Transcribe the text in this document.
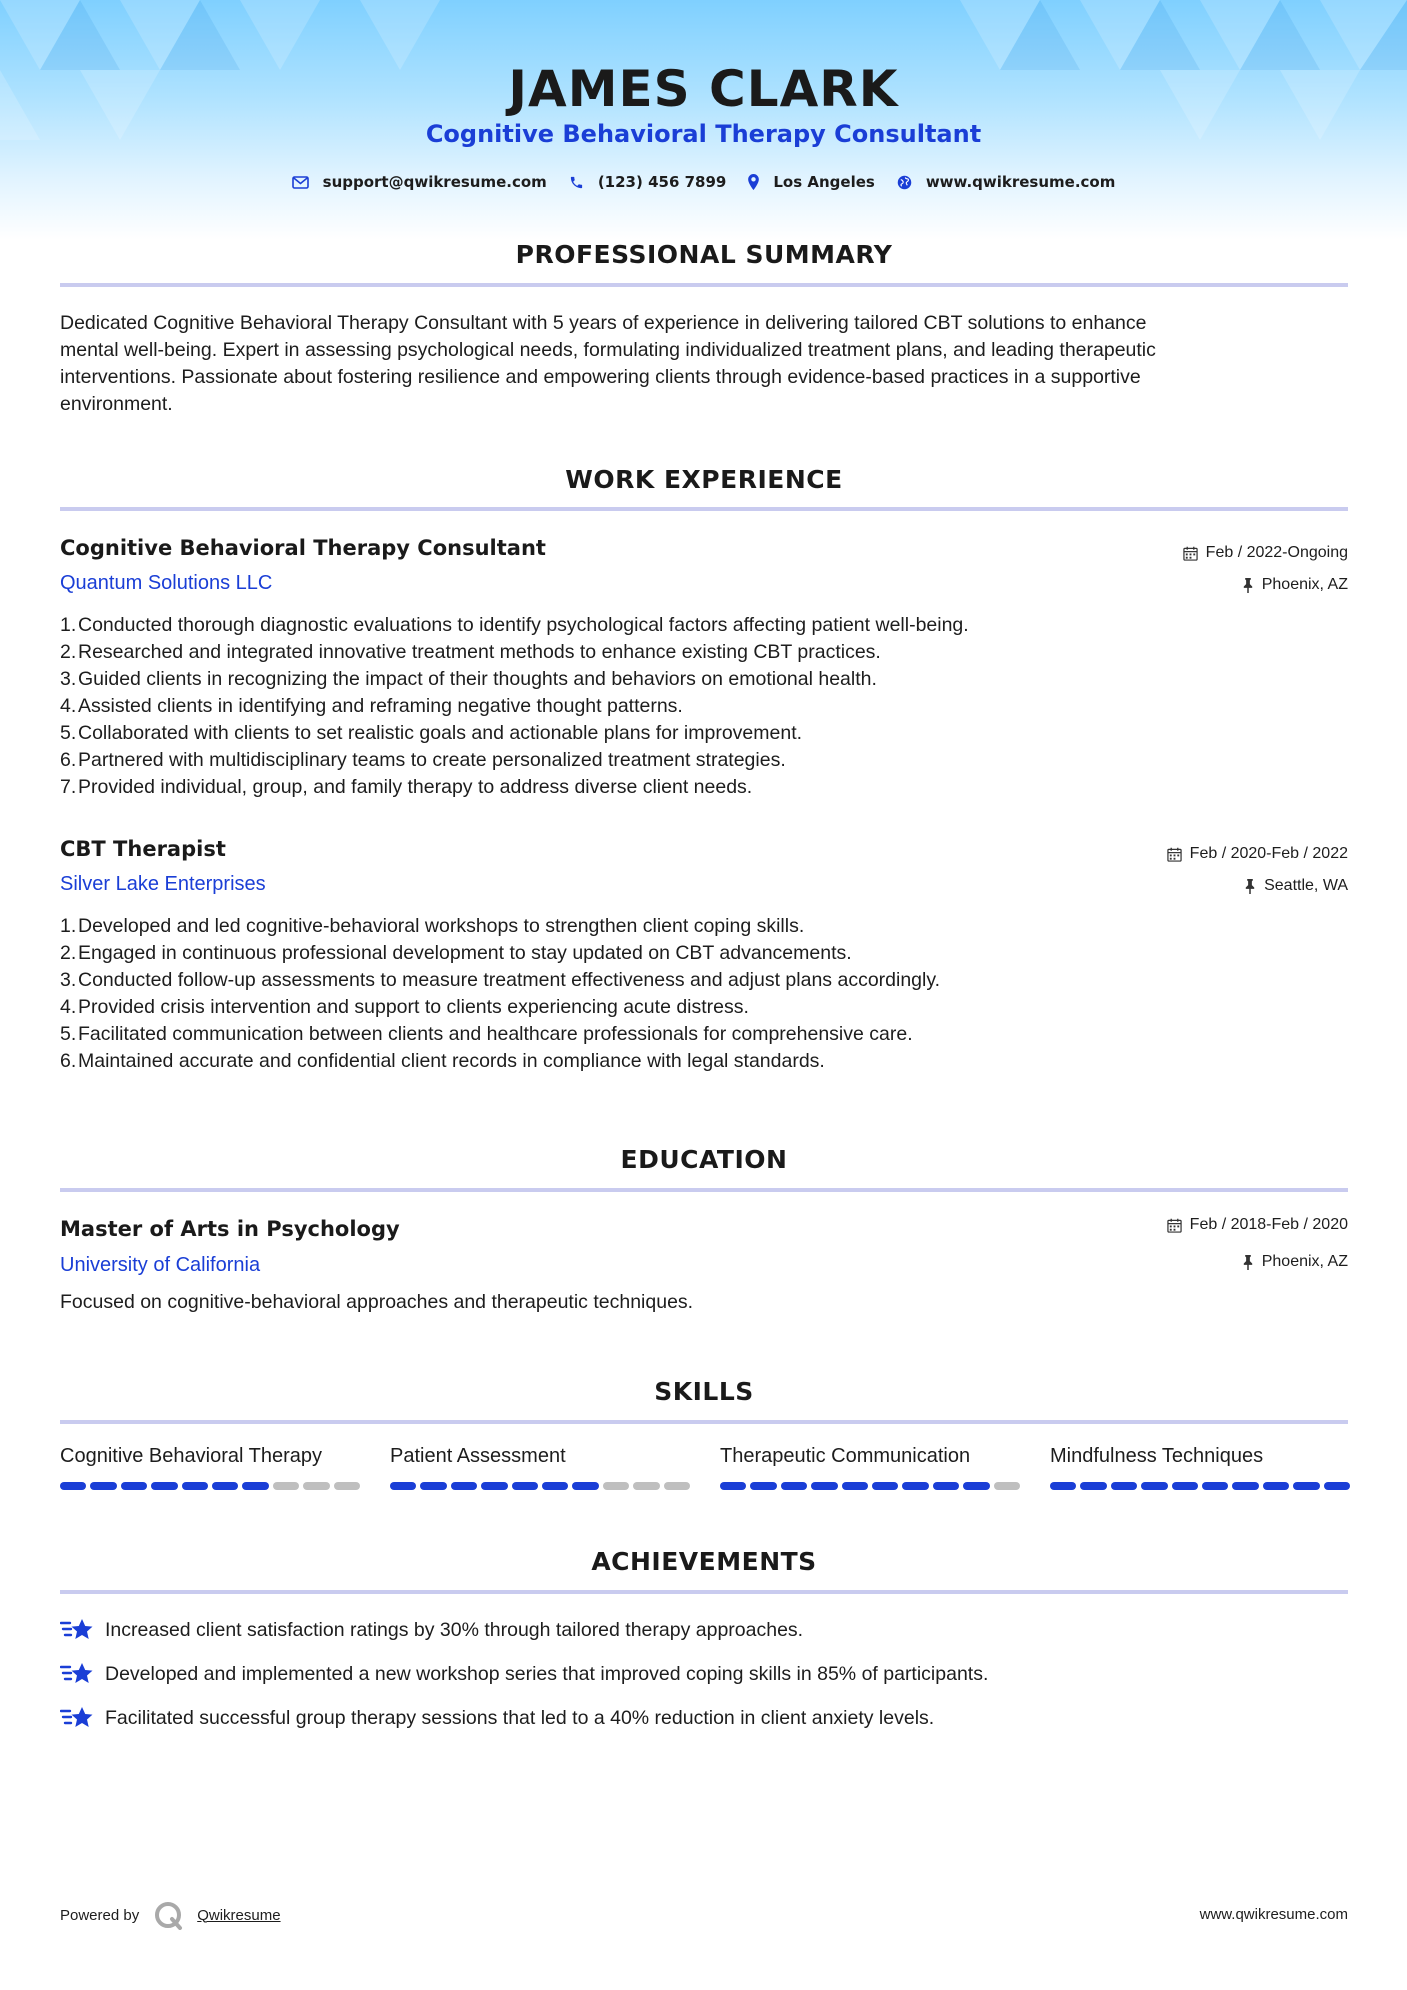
JAMES CLARK
Cognitive Behavioral Therapy Consultant
support@qwikresume.com	(123) 456 7899	Los Angeles	www.qwikresume.com
PROFESSIONAL SUMMARY
Dedicated Cognitive Behavioral Therapy Consultant with 5 years of experience in delivering tailored CBT solutions to enhance
mental well-being. Expert in assessing psychological needs, formulating individualized treatment plans, and leading therapeutic
interventions. Passionate about fostering resilience and empowering clients through evidence-based practices in a supportive
environment.
WORK EXPERIENCE
Cognitive Behavioral Therapy Consultant
Quantum Solutions LLC
Feb / 2022-Ongoing
Phoenix, AZ
1. Conducted thorough diagnostic evaluations to identify psychological factors affecting patient well-being.
2. Researched and integrated innovative treatment methods to enhance existing CBT practices.
3. Guided clients in recognizing the impact of their thoughts and behaviors on emotional health.
4. Assisted clients in identifying and reframing negative thought patterns.
5. Collaborated with clients to set realistic goals and actionable plans for improvement.
6. Partnered with multidisciplinary teams to create personalized treatment strategies.
7. Provided individual, group, and family therapy to address diverse client needs.
CBT Therapist
Silver Lake Enterprises
Feb / 2020-Feb / 2022
Seattle, WA
1. Developed and led cognitive-behavioral workshops to strengthen client coping skills.
2. Engaged in continuous professional development to stay updated on CBT advancements.
3. Conducted follow-up assessments to measure treatment effectiveness and adjust plans accordingly.
4. Provided crisis intervention and support to clients experiencing acute distress.
5. Facilitated communication between clients and healthcare professionals for comprehensive care.
6. Maintained accurate and confidential client records in compliance with legal standards.
EDUCATION
Master of Arts in Psychology
University of California
Feb / 2018-Feb / 2020
Phoenix, AZ
Focused on cognitive-behavioral approaches and therapeutic techniques.
SKILLS
Cognitive Behavioral Therapy	Patient Assessment	Therapeutic Communication	Mindfulness Techniques
ACHIEVEMENTS
Increased client satisfaction ratings by 30% through tailored therapy approaches.
Developed and implemented a new workshop series that improved coping skills in 85% of participants.
Facilitated successful group therapy sessions that led to a 40% reduction in client anxiety levels.
Powered by	Qwikresume	www.qwikresume.com
